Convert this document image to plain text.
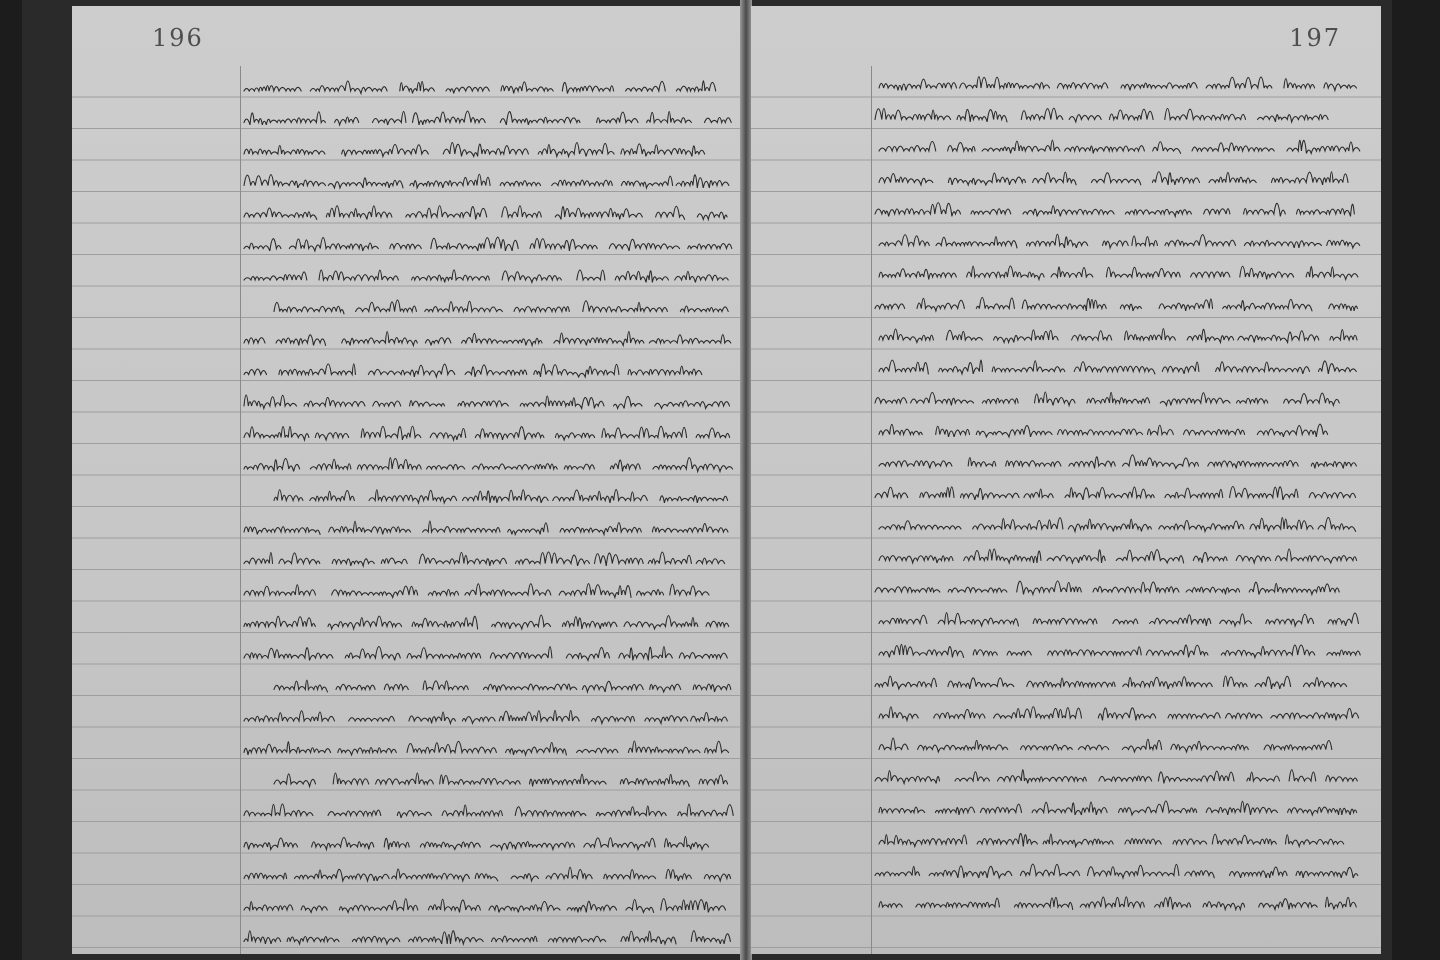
196	197
